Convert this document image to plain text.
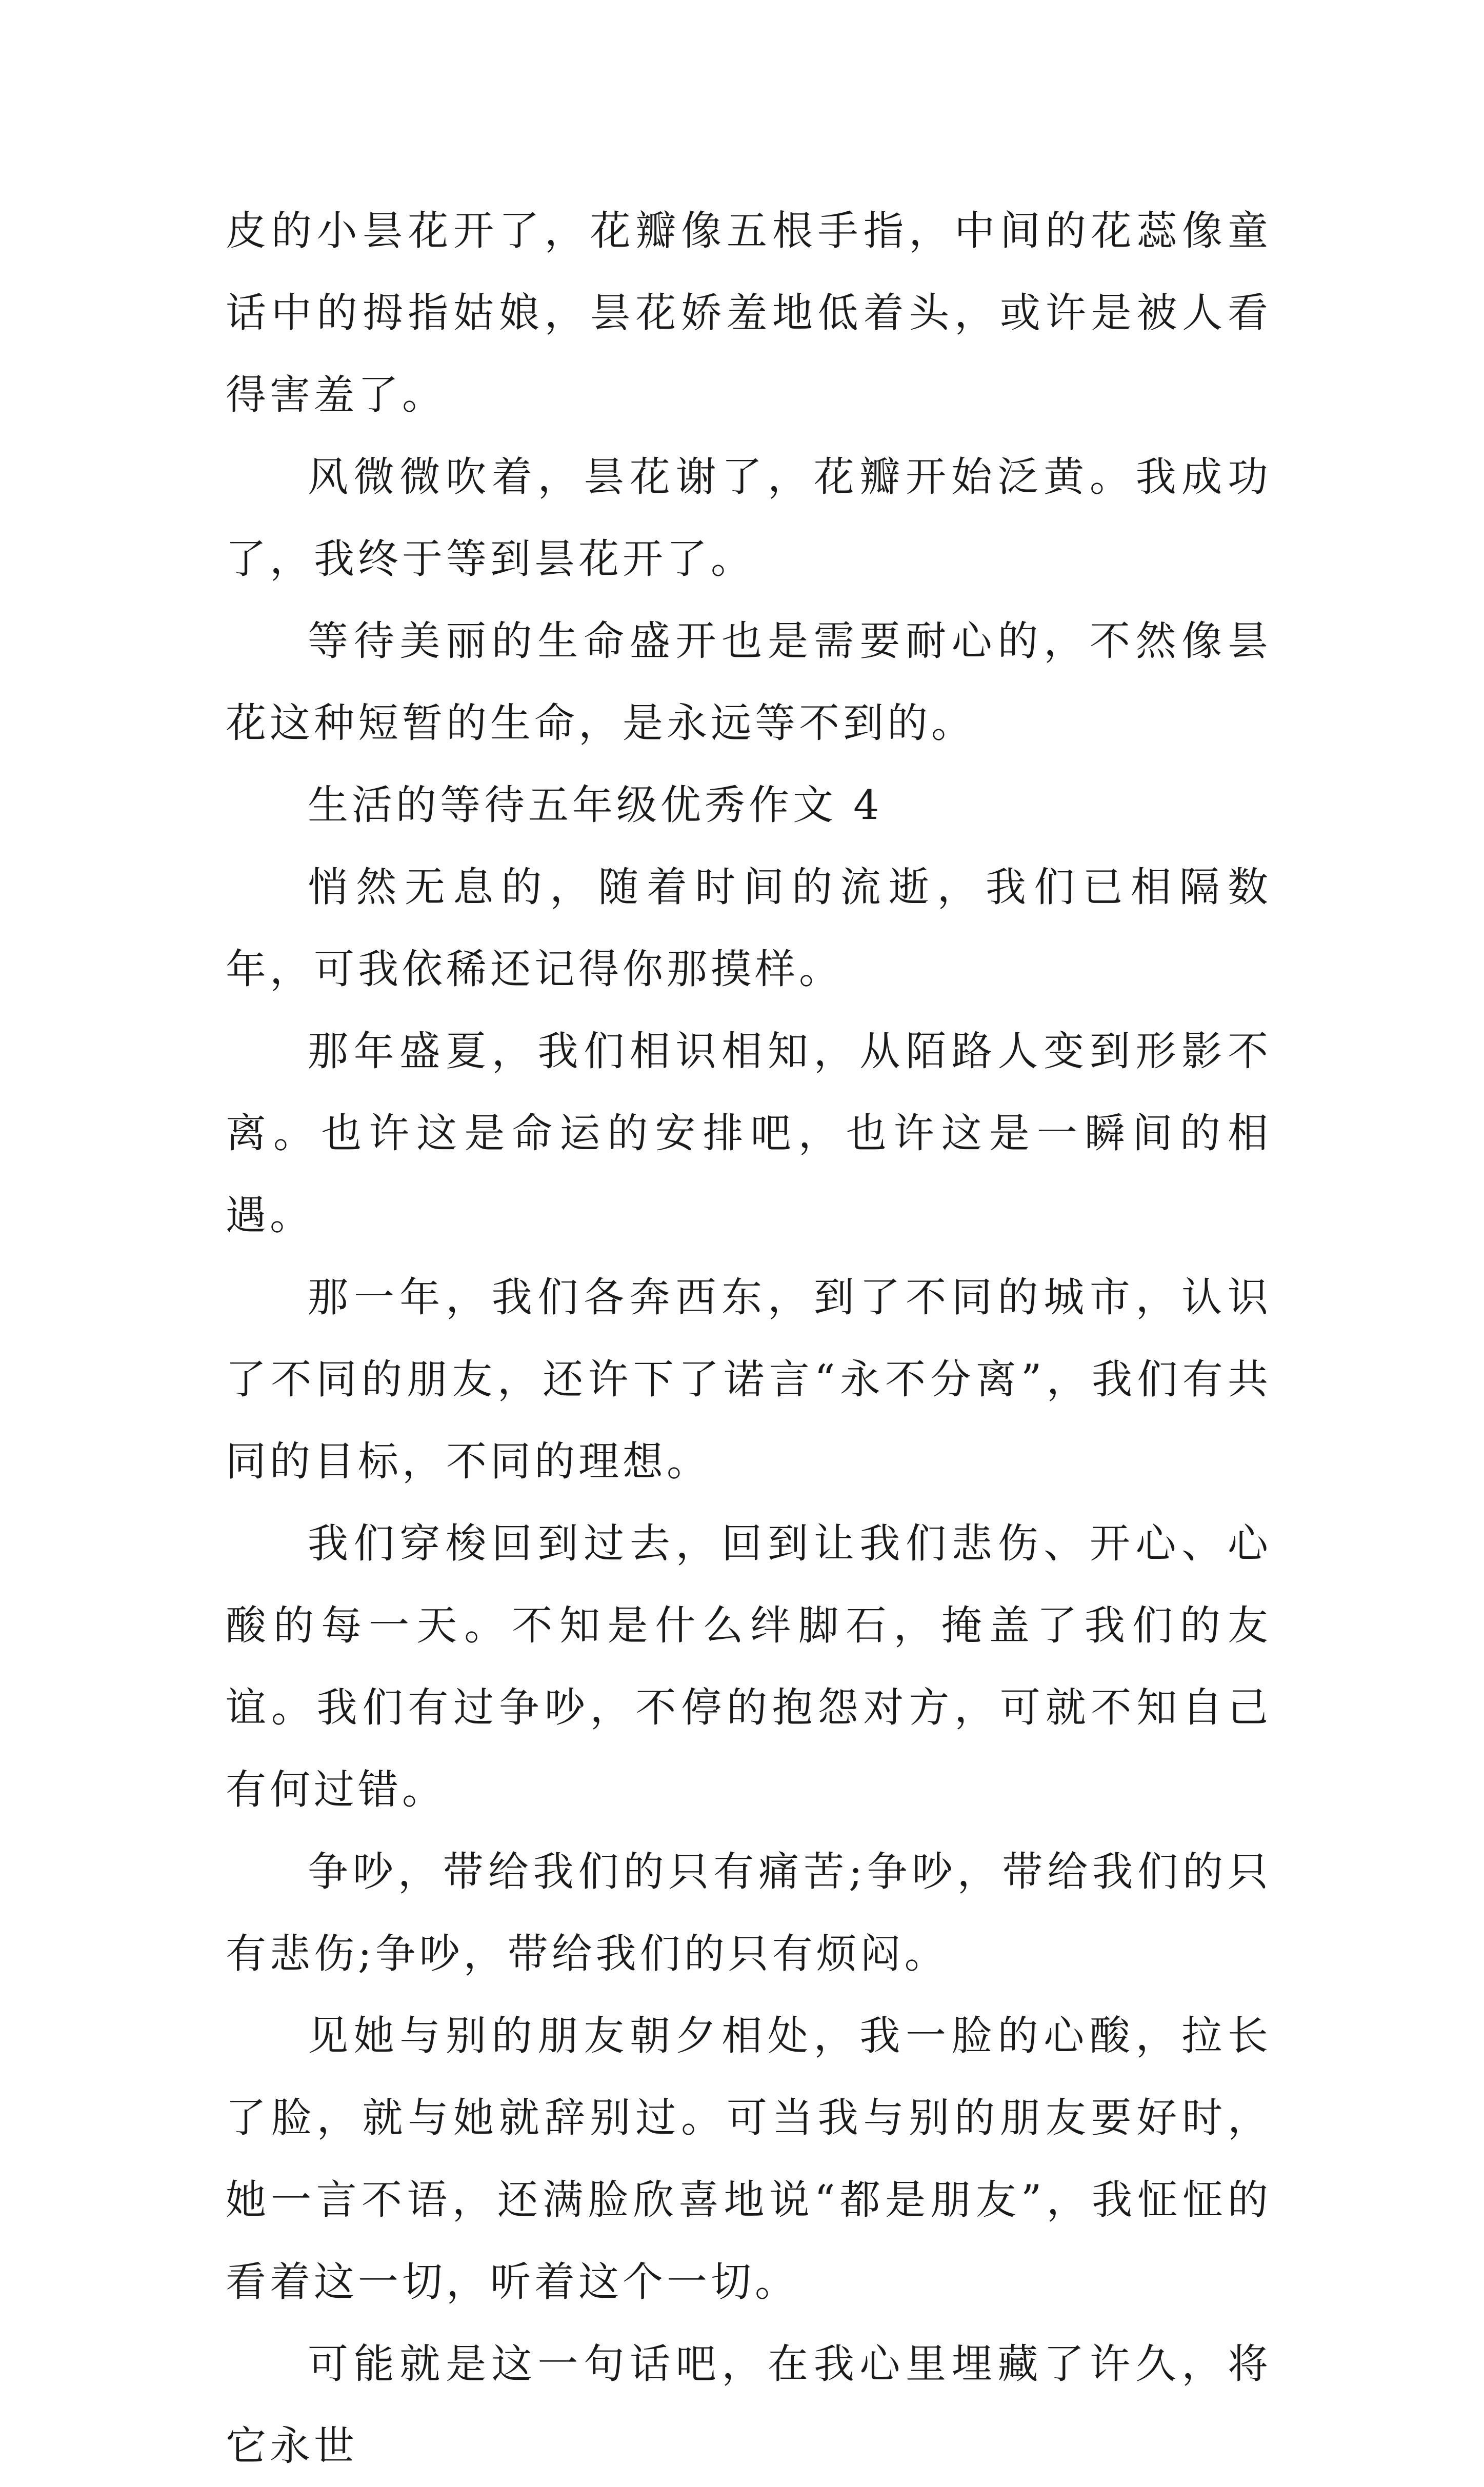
皮的小昙花开了，花瓣像五根手指，中间的花蕊像童话中的拇指姑娘，昙花娇羞地低着头，或许是被人看得害羞了。

风微微吹着，昙花谢了，花瓣开始泛黄。我成功了，我终于等到昙花开了。

等待美丽的生命盛开也是需要耐心的，不然像昙花这种短暂的生命，是永远等不到的。

生活的等待五年级优秀作文 4

悄然无息的，随着时间的流逝，我们已相隔数年，可我依稀还记得你那摸样。

那年盛夏，我们相识相知，从陌路人变到形影不离。也许这是命运的安排吧，也许这是一瞬间的相遇。

那一年，我们各奔西东，到了不同的城市，认识了不同的朋友，还许下了诺言“永不分离”，我们有共同的目标，不同的理想。

我们穿梭回到过去，回到让我们悲伤、开心、心酸的每一天。不知是什么绊脚石，掩盖了我们的友谊。我们有过争吵，不停的抱怨对方，可就不知自己有何过错。

争吵，带给我们的只有痛苦;争吵，带给我们的只有悲伤;争吵，带给我们的只有烦闷。

见她与别的朋友朝夕相处，我一脸的心酸，拉长了脸，就与她就辞别过。可当我与别的朋友要好时，她一言不语，还满脸欣喜地说“都是朋友”，我怔怔的看着这一切，听着这个一切。

可能就是这一句话吧，在我心里埋藏了许久，将它永世
